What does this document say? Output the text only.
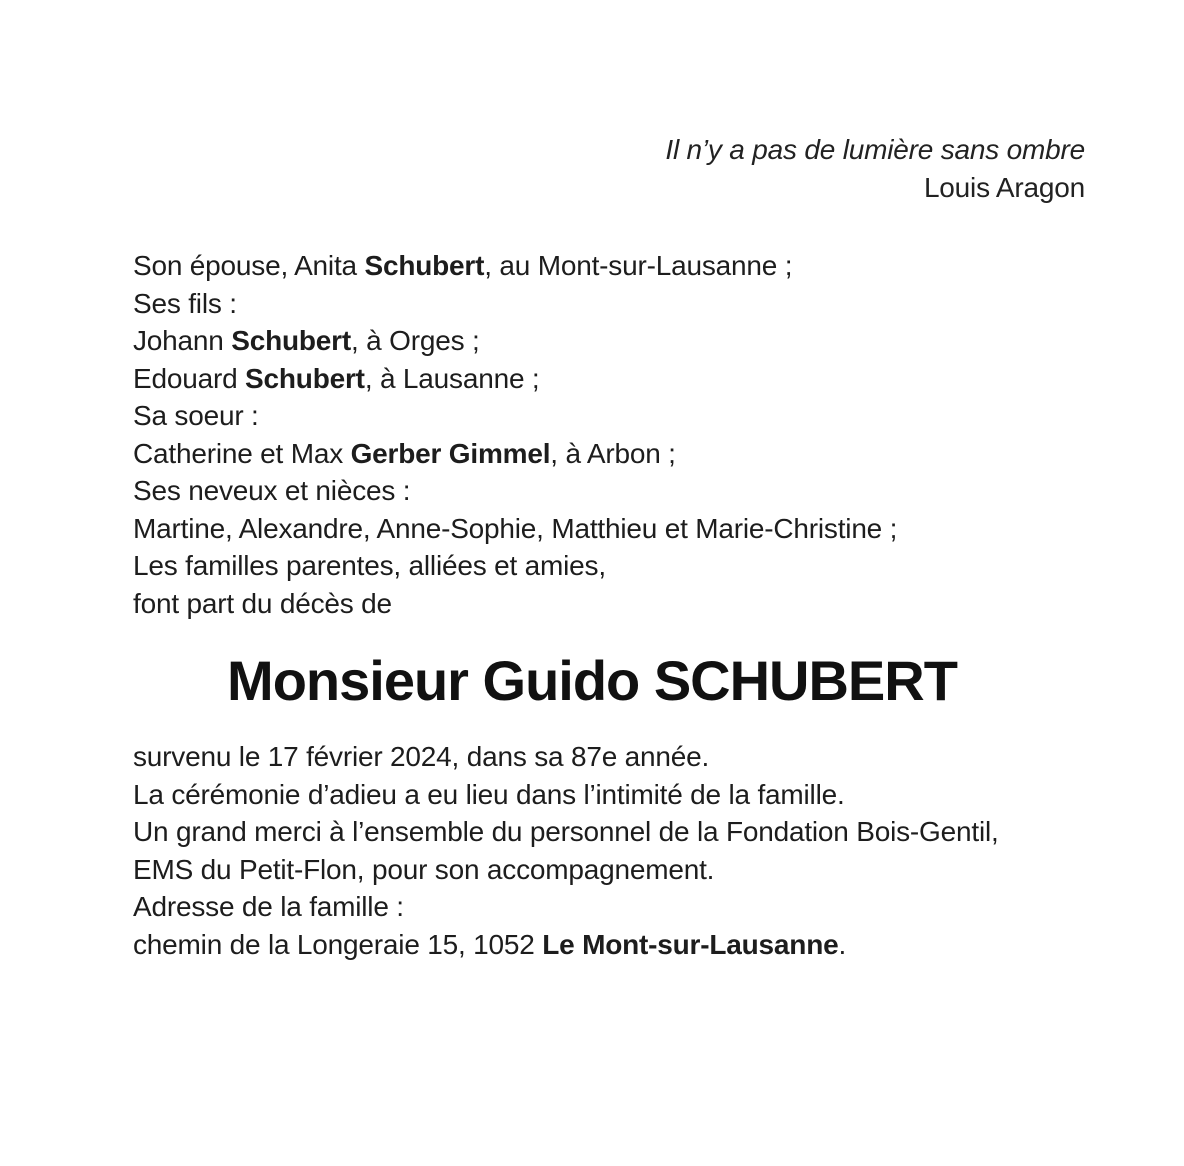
Il n’y a pas de lumière sans ombre
Louis Aragon
Son épouse, Anita Schubert, au Mont-sur-Lausanne ;
Ses fils :
Johann Schubert, à Orges ;
Edouard Schubert, à Lausanne ;
Sa soeur :
Catherine et Max Gerber Gimmel, à Arbon ;
Ses neveux et nièces :
Martine, Alexandre, Anne-Sophie, Matthieu et Marie-Christine ;
Les familles parentes, alliées et amies,
font part du décès de
Monsieur Guido SCHUBERT
survenu le 17 février 2024, dans sa 87e année.
La cérémonie d’adieu a eu lieu dans l’intimité de la famille.
Un grand merci à l’ensemble du personnel de la Fondation Bois-Gentil,
EMS du Petit-Flon, pour son accompagnement.
Adresse de la famille :
chemin de la Longeraie 15, 1052 Le Mont-sur-Lausanne.
